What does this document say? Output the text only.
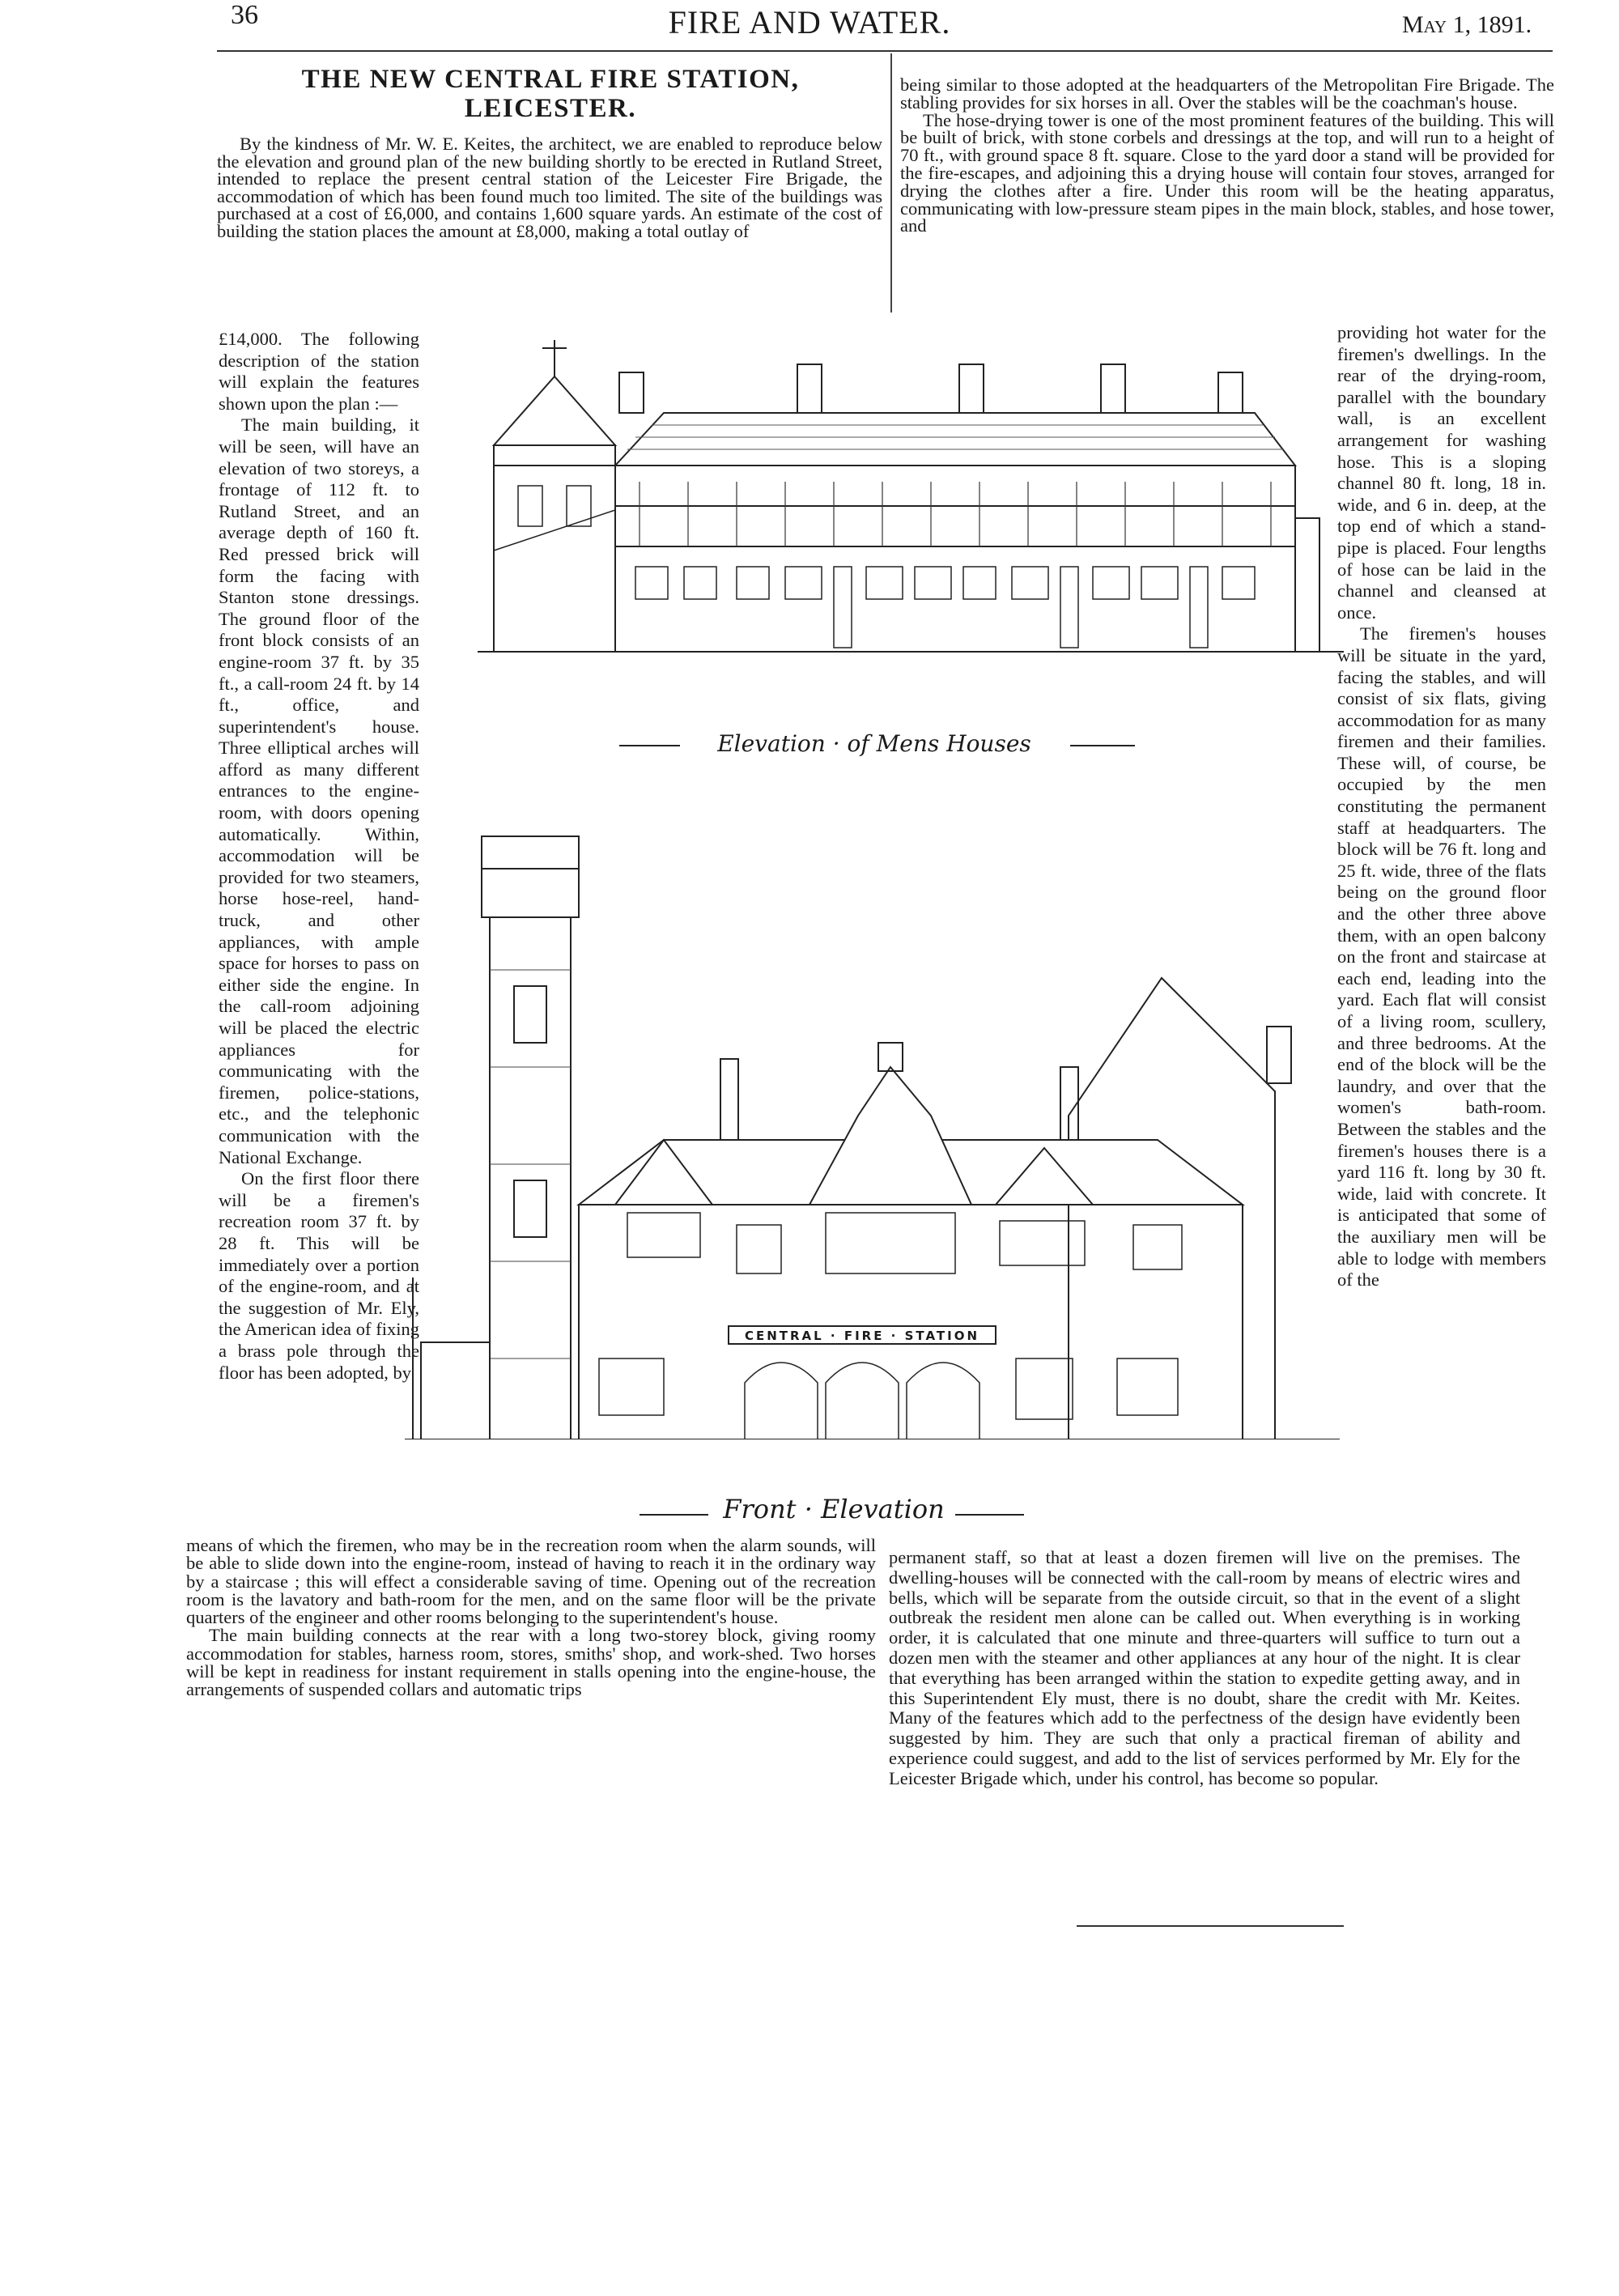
36	FIRE AND WATER.	May 1, 1891.
THE NEW CENTRAL FIRE STATION,
LEICESTER.

By the kindness of Mr. W. E. Keites, the architect, we are enabled to reproduce below the elevation and ground plan of the new building shortly to be erected in Rutland Street, intended to replace the present central station of the Leicester Fire Brigade, the accommodation of which has been found much too limited. The site of the buildings was purchased at a cost of £6,000, and contains 1,600 square yards. An estimate of the cost of building the station places the amount at £8,000, making a total outlay of

£14,000. The following description of the station will explain the features shown upon the plan :—

The main building, it will be seen, will have an elevation of two storeys, a frontage of 112 ft. to Rutland Street, and an average depth of 160 ft. Red pressed brick will form the facing with Stanton stone dressings. The ground floor of the front block consists of an engine-room 37 ft. by 35 ft., a call-room 24 ft. by 14 ft., office, and superintendent's house. Three elliptical arches will afford as many different entrances to the engine-room, with doors opening automatically. Within, accommodation will be provided for two steamers, horse hose-reel, hand-truck, and other appliances, with ample space for horses to pass on either side the engine. In the call-room adjoining will be placed the electric appliances for communicating with the firemen, police-stations, etc., and the telephonic communication with the National Exchange.

On the first floor there will be a firemen's recreation room 37 ft. by 28 ft. This will be immediately over a portion of the engine-room, and at the suggestion of Mr. Ely, the American idea of fixing a brass pole through the floor has been adopted, by

means of which the firemen, who may be in the recreation room when the alarm sounds, will be able to slide down into the engine-room, instead of having to reach it in the ordinary way by a staircase ; this will effect a considerable saving of time. Opening out of the recreation room is the lavatory and bath-room for the men, and on the same floor will be the private quarters of the engineer and other rooms belonging to the superintendent's house.

The main building connects at the rear with a long two-storey block, giving roomy accommodation for stables, harness room, stores, smiths' shop, and work-shed. Two horses will be kept in readiness for instant requirement in stalls opening into the engine-house, the arrangements of suspended collars and automatic trips

being similar to those adopted at the headquarters of the Metropolitan Fire Brigade. The stabling provides for six horses in all. Over the stables will be the coachman's house.

The hose-drying tower is one of the most prominent features of the building. This will be built of brick, with stone corbels and dressings at the top, and will run to a height of 70 ft., with ground space 8 ft. square. Close to the yard door a stand will be provided for the fire-escapes, and adjoining this a drying house will contain four stoves, arranged for drying the clothes after a fire. Under this room will be the heating apparatus, communicating with low-pressure steam pipes in the main block, stables, and hose tower, and

providing hot water for the firemen's dwellings. In the rear of the drying-room, parallel with the boundary wall, is an excellent arrangement for washing hose. This is a sloping channel 80 ft. long, 18 in. wide, and 6 in. deep, at the top end of which a stand-pipe is placed. Four lengths of hose can be laid in the channel and cleansed at once.

The firemen's houses will be situate in the yard, facing the stables, and will consist of six flats, giving accommodation for as many firemen and their families. These will, of course, be occupied by the men constituting the permanent staff at headquarters. The block will be 76 ft. long and 25 ft. wide, three of the flats being on the ground floor and the other three above them, with an open balcony on the front and staircase at each end, leading into the yard. Each flat will consist of a living room, scullery, and three bedrooms. At the end of the block will be the laundry, and over that the women's bath-room. Between the stables and the firemen's houses there is a yard 116 ft. long by 30 ft. wide, laid with concrete. It is anticipated that some of the auxiliary men will be able to lodge with members of the

permanent staff, so that at least a dozen firemen will live on the premises. The dwelling-houses will be connected with the call-room by means of electric wires and bells, which will be separate from the outside circuit, so that in the event of a slight outbreak the resident men alone can be called out. When everything is in working order, it is calculated that one minute and three-quarters will suffice to turn out a dozen men with the steamer and other appliances at any hour of the night. It is clear that everything has been arranged within the station to expedite getting away, and in this Superintendent Ely must, there is no doubt, share the credit with Mr. Keites. Many of the features which add to the perfectness of the design have evidently been suggested by him. They are such that only a practical fireman of ability and experience could suggest, and add to the list of services performed by Mr. Ely for the Leicester Brigade which, under his control, has become so popular.

Elevation · of Mens Houses
CENTRAL · FIRE · STATION
Front · Elevation
